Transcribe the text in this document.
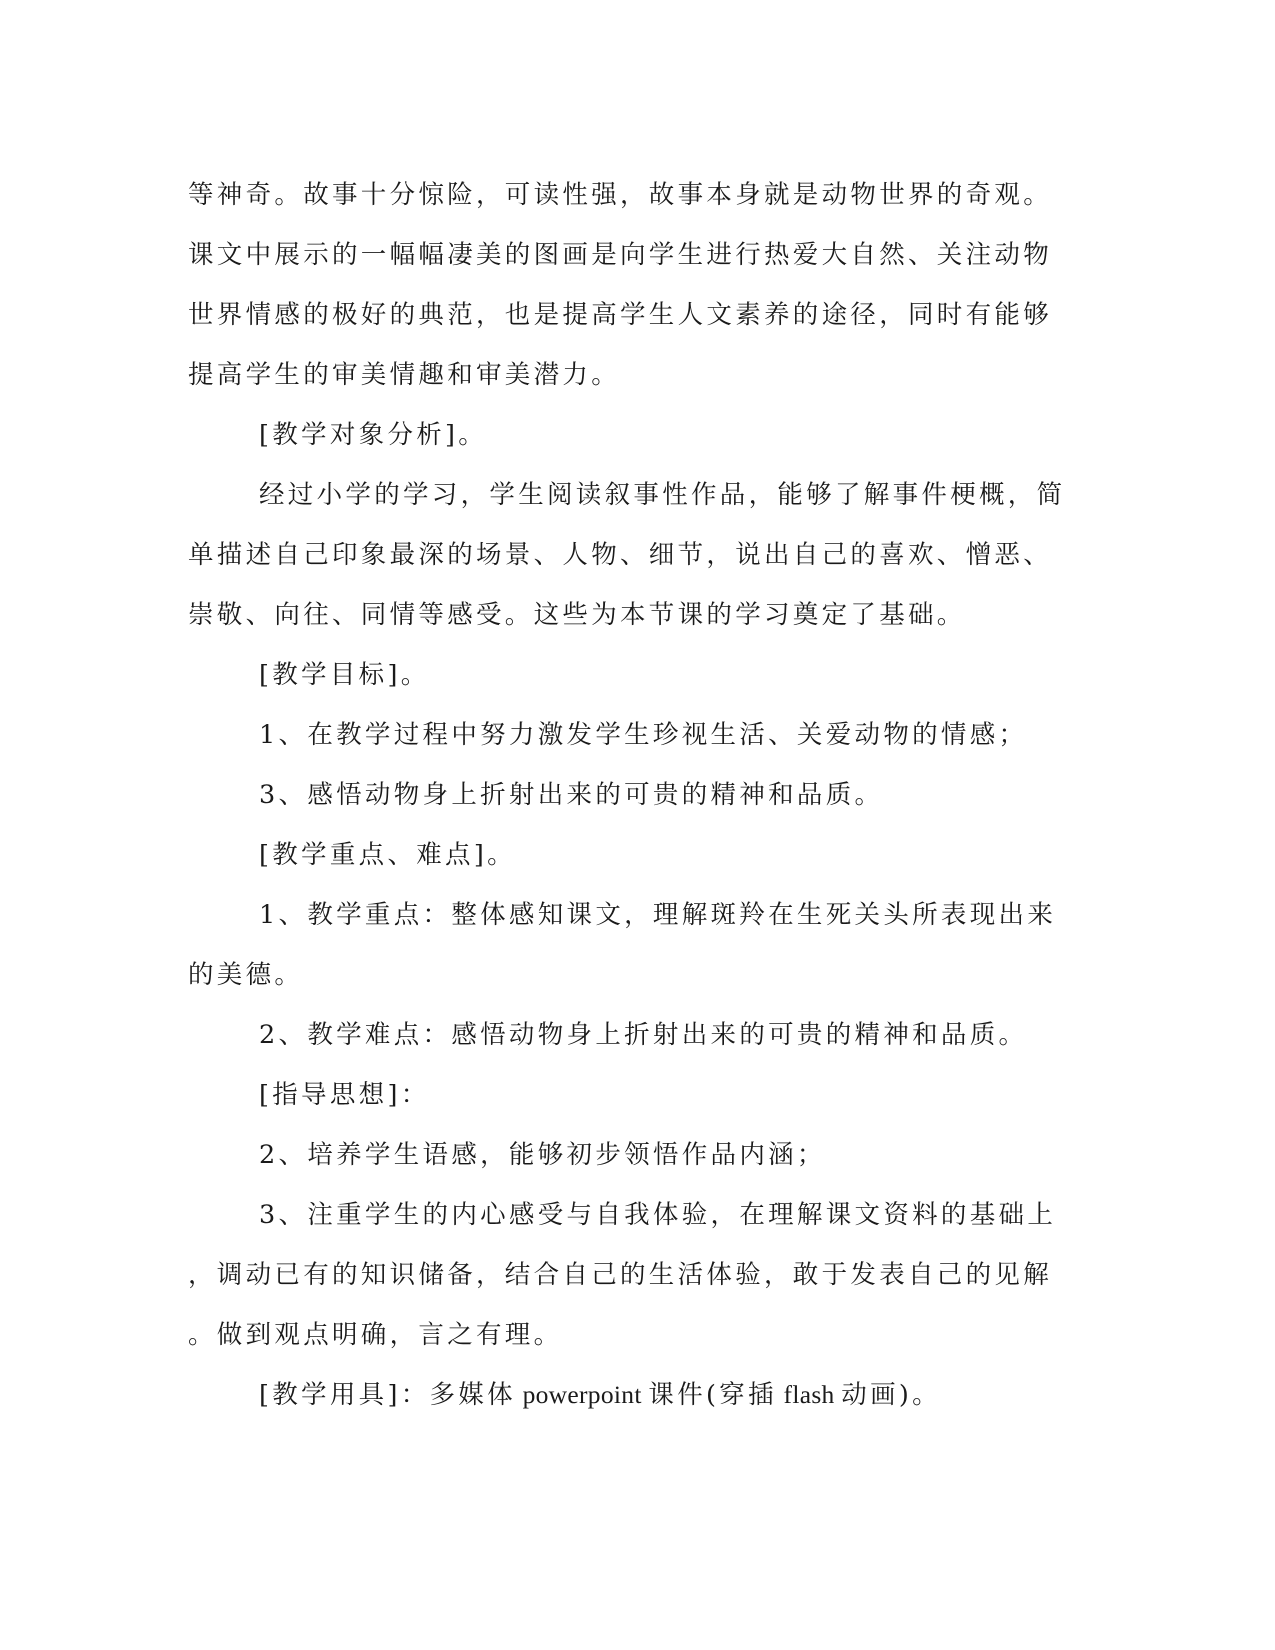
等神奇。故事十分惊险，可读性强，故事本身就是动物世界的奇观。
课文中展示的一幅幅凄美的图画是向学生进行热爱大自然、关注动物
世界情感的极好的典范，也是提高学生人文素养的途径，同时有能够
提高学生的审美情趣和审美潜力。
[教学对象分析]。
经过小学的学习，学生阅读叙事性作品，能够了解事件梗概，简
单描述自己印象最深的场景、人物、细节，说出自己的喜欢、憎恶、
崇敬、向往、同情等感受。这些为本节课的学习奠定了基础。
[教学目标]。
1、在教学过程中努力激发学生珍视生活、关爱动物的情感；
3、感悟动物身上折射出来的可贵的精神和品质。
[教学重点、难点]。
1、教学重点：整体感知课文，理解斑羚在生死关头所表现出来
的美德。
2、教学难点：感悟动物身上折射出来的可贵的精神和品质。
[指导思想]：
2、培养学生语感，能够初步领悟作品内涵；
3、注重学生的内心感受与自我体验，在理解课文资料的基础上
，调动已有的知识储备，结合自己的生活体验，敢于发表自己的见解
。做到观点明确，言之有理。
[教学用具]：多媒体 powerpoint 课件(穿插 flash 动画)。
